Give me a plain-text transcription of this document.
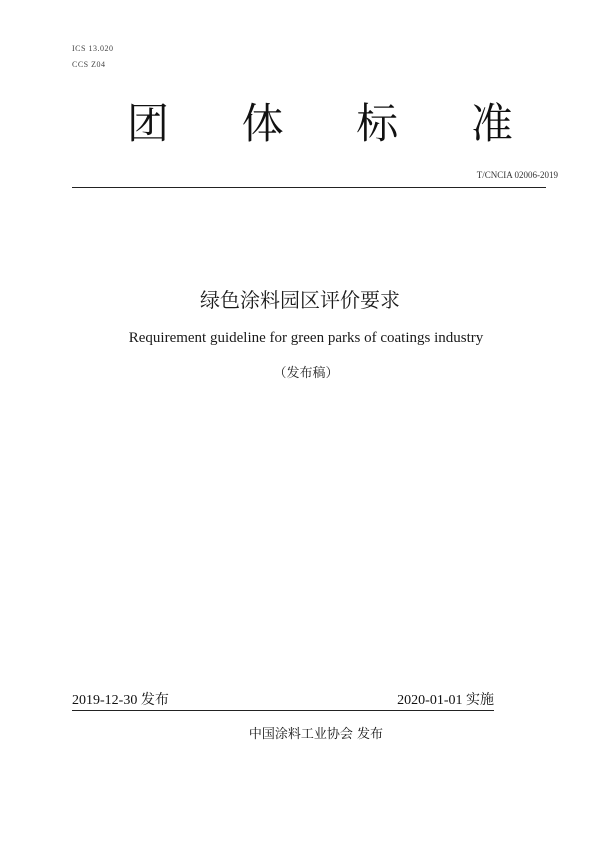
ICS 13.020
CCS Z04
团 体 标 准
T/CNCIA 02006-2019
绿色涂料园区评价要求
Requirement guideline for green parks of coatings industry
（发布稿）
2019-12-30 发布	2020-01-01 实施
中国涂料工业协会 发布
